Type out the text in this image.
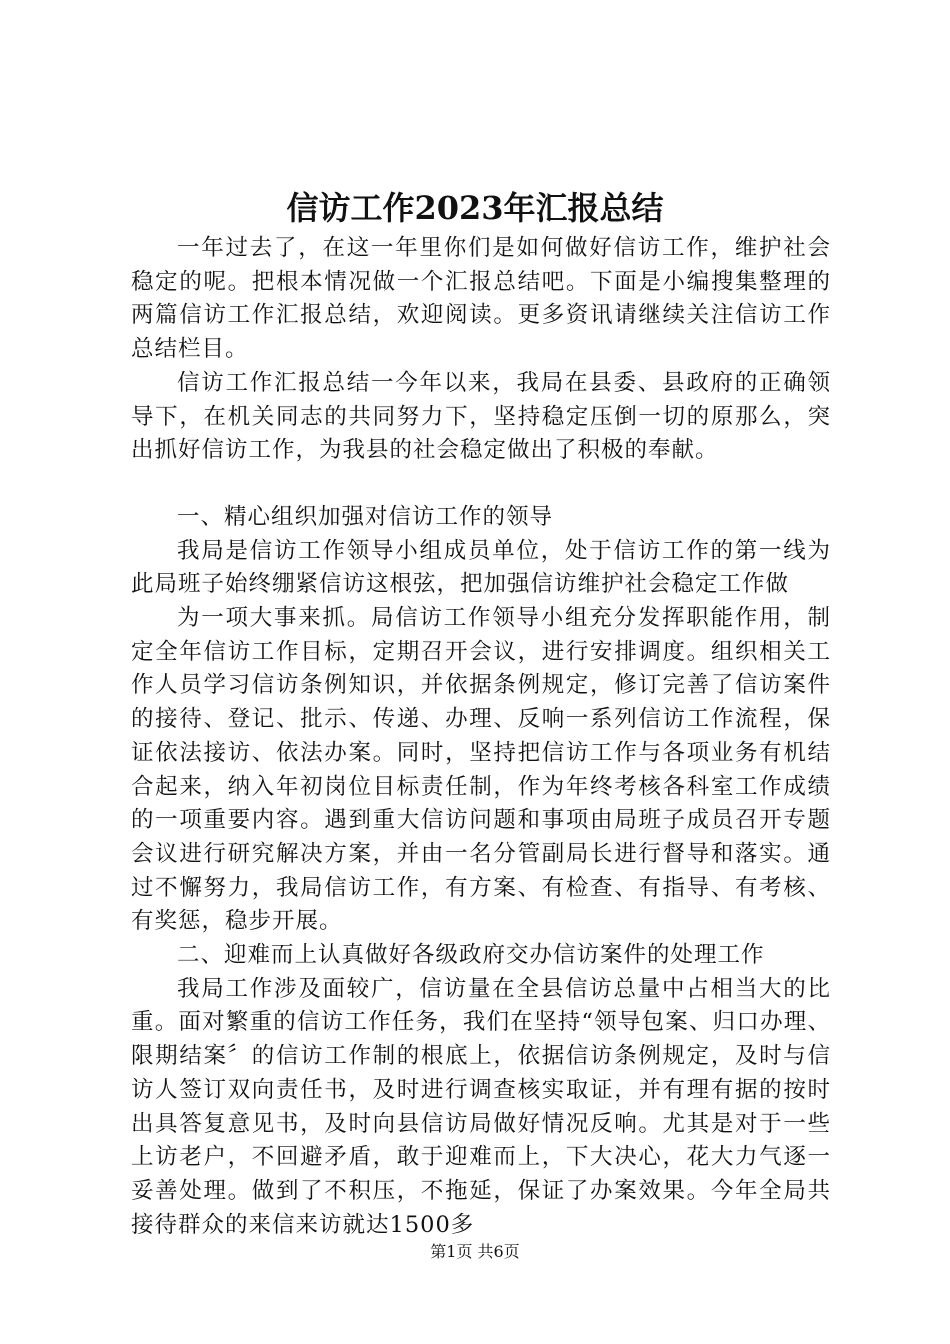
信访工作2023年汇报总结

一年过去了，在这一年里你们是如何做好信访工作，维护社会稳定的呢。把根本情况做一个汇报总结吧。下面是小编搜集整理的两篇信访工作汇报总结，欢迎阅读。更多资讯请继续关注信访工作总结栏目。

信访工作汇报总结一今年以来，我局在县委、县政府的正确领导下，在机关同志的共同努力下，坚持稳定压倒一切的原那么，突出抓好信访工作，为我县的社会稳定做出了积极的奉献。

一、精心组织加强对信访工作的领导

我局是信访工作领导小组成员单位，处于信访工作的第一线为此局班子始终绷紧信访这根弦，把加强信访维护社会稳定工作做

为一项大事来抓。局信访工作领导小组充分发挥职能作用，制定全年信访工作目标，定期召开会议，进行安排调度。组织相关工作人员学习信访条例知识，并依据条例规定，修订完善了信访案件的接待、登记、批示、传递、办理、反响一系列信访工作流程，保证依法接访、依法办案。同时，坚持把信访工作与各项业务有机结合起来，纳入年初岗位目标责任制，作为年终考核各科室工作成绩的一项重要内容。遇到重大信访问题和事项由局班子成员召开专题会议进行研究解决方案，并由一名分管副局长进行督导和落实。通过不懈努力，我局信访工作，有方案、有检查、有指导、有考核、有奖惩，稳步开展。

二、迎难而上认真做好各级政府交办信访案件的处理工作

我局工作涉及面较广，信访量在全县信访总量中占相当大的比重。面对繁重的信访工作任务，我们在坚持“领导包案、归口办理、限期结案〞的信访工作制的根底上，依据信访条例规定，及时与信访人签订双向责任书，及时进行调查核实取证，并有理有据的按时出具答复意见书，及时向县信访局做好情况反响。尤其是对于一些上访老户，不回避矛盾，敢于迎难而上，下大决心，花大力气逐一妥善处理。做到了不积压，不拖延，保证了办案效果。今年全局共接待群众的来信来访就达1500多

第1页 共6页
